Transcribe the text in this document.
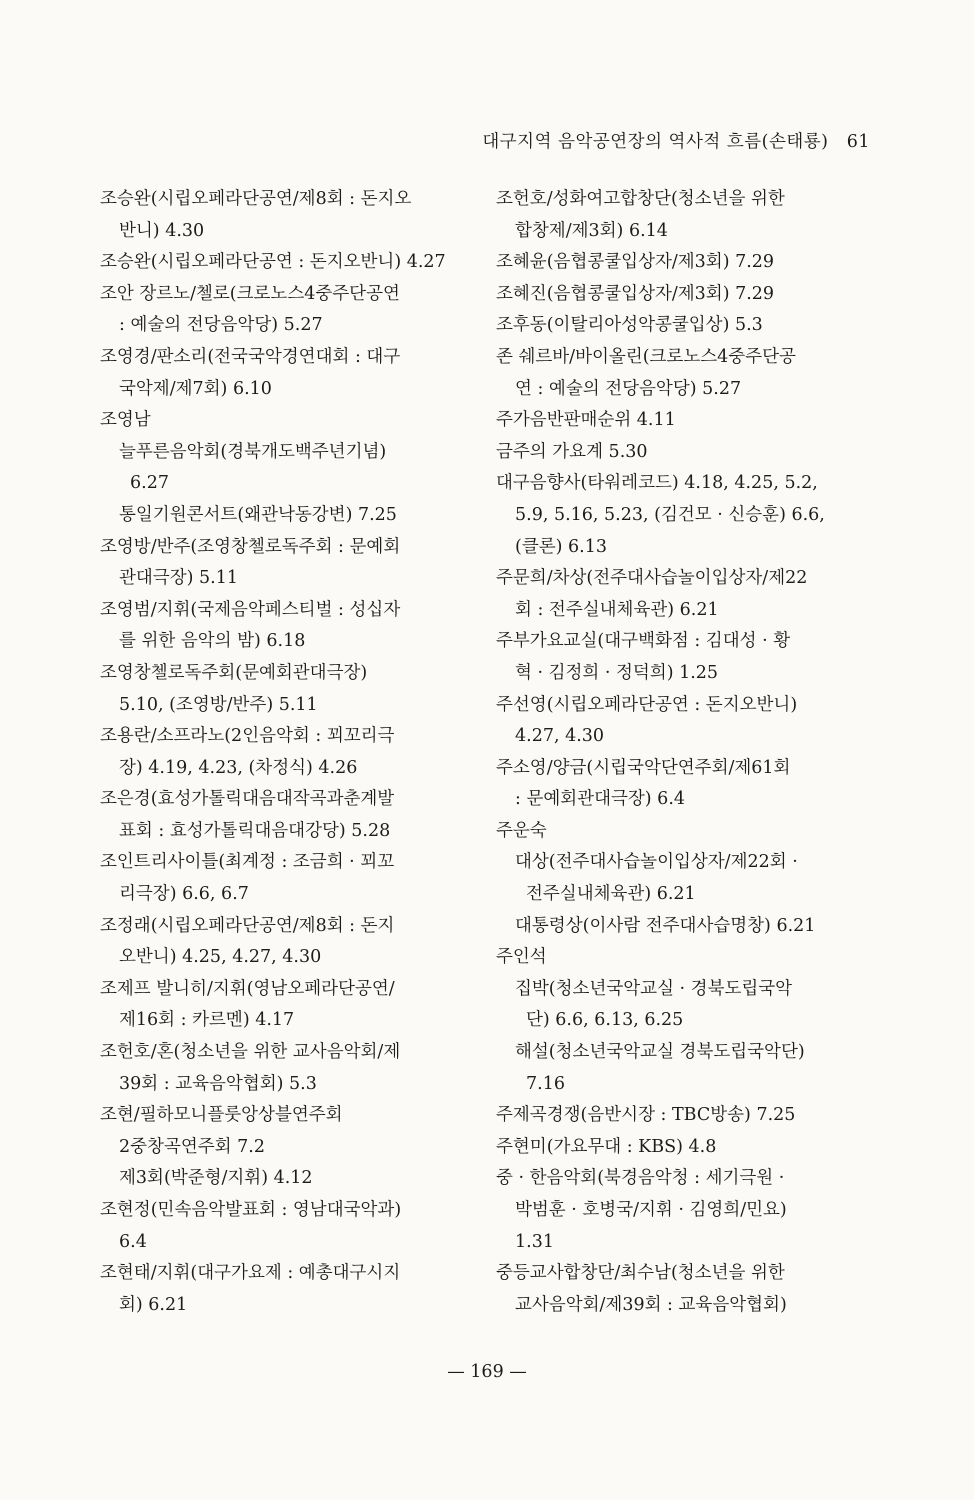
대구지역 음악공연장의 역사적 흐름(손태룡) 61
조승완(시립오페라단공연/제8회 : 돈지오
반니) 4.30
조승완(시립오페라단공연 : 돈지오반니) 4.27
조안 장르노/첼로(크로노스4중주단공연
: 예술의 전당음악당) 5.27
조영경/판소리(전국국악경연대회 : 대구
국악제/제7회) 6.10
조영남
늘푸른음악회(경북개도백주년기념)
6.27
통일기원콘서트(왜관낙동강변) 7.25
조영방/반주(조영창첼로독주회 : 문예회
관대극장) 5.11
조영범/지휘(국제음악페스티벌 : 성십자
를 위한 음악의 밤) 6.18
조영창첼로독주회(문예회관대극장)
5.10, (조영방/반주) 5.11
조용란/소프라노(2인음악회 : 꾀꼬리극
장) 4.19, 4.23, (차정식) 4.26
조은경(효성가톨릭대음대작곡과춘계발
표회 : 효성가톨릭대음대강당) 5.28
조인트리사이틀(최계정 : 조금희 · 꾀꼬
리극장) 6.6, 6.7
조정래(시립오페라단공연/제8회 : 돈지
오반니) 4.25, 4.27, 4.30
조제프 발니히/지휘(영남오페라단공연/
제16회 : 카르멘) 4.17
조헌호/혼(청소년을 위한 교사음악회/제
39회 : 교육음악협회) 5.3
조현/필하모니플룻앙상블연주회
2중창곡연주회 7.2
제3회(박준형/지휘) 4.12
조현정(민속음악발표회 : 영남대국악과)
6.4
조현태/지휘(대구가요제 : 예총대구시지
회) 6.21
조헌호/성화여고합창단(청소년을 위한
합창제/제3회) 6.14
조혜윤(음협콩쿨입상자/제3회) 7.29
조혜진(음협콩쿨입상자/제3회) 7.29
조후동(이탈리아성악콩쿨입상) 5.3
존 쉐르바/바이올린(크로노스4중주단공
연 : 예술의 전당음악당) 5.27
주가음반판매순위 4.11
금주의 가요계 5.30
대구음향사(타워레코드) 4.18, 4.25, 5.2,
5.9, 5.16, 5.23, (김건모 · 신승훈) 6.6,
(클론) 6.13
주문희/차상(전주대사습놀이입상자/제22
회 : 전주실내체육관) 6.21
주부가요교실(대구백화점 : 김대성 · 황
혁 · 김정희 · 정덕희) 1.25
주선영(시립오페라단공연 : 돈지오반니)
4.27, 4.30
주소영/양금(시립국악단연주회/제61회
: 문예회관대극장) 6.4
주운숙
대상(전주대사습놀이입상자/제22회 ·
전주실내체육관) 6.21
대통령상(이사람 전주대사습명창) 6.21
주인석
집박(청소년국악교실 · 경북도립국악
단) 6.6, 6.13, 6.25
해설(청소년국악교실 경북도립국악단)
7.16
주제곡경쟁(음반시장 : TBC방송) 7.25
주현미(가요무대 : KBS) 4.8
중 · 한음악회(북경음악청 : 세기극원 ·
박범훈 · 호병국/지휘 · 김영희/민요)
1.31
중등교사합창단/최수남(청소년을 위한
교사음악회/제39회 : 교육음악협회)
— 169 —
